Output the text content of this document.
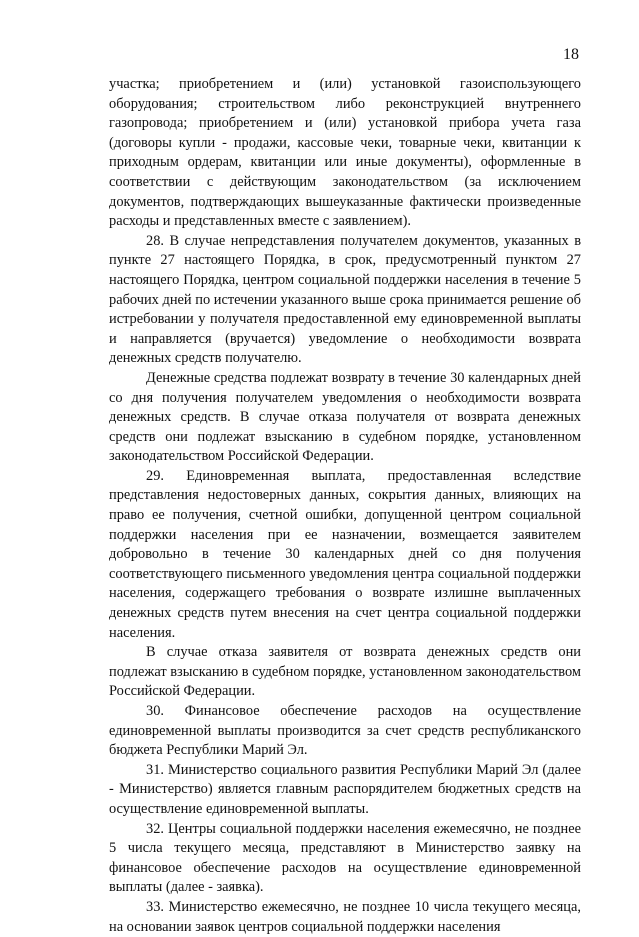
18

участка; приобретением и (или) установкой газоиспользующего оборудования; строительством либо реконструкцией внутреннего газопровода; приобретением и (или) установкой прибора учета газа (договоры купли - продажи, кассовые чеки, товарные чеки, квитанции к приходным ордерам, квитанции или иные документы), оформленные в соответствии с действующим законодательством (за исключением документов, подтверждающих вышеуказанные фактически произведенные расходы и представленных вместе с заявлением).

28. В случае непредставления получателем документов, указанных в пункте 27 настоящего Порядка, в срок, предусмотренный пунктом 27 настоящего Порядка, центром социальной поддержки населения в течение 5 рабочих дней по истечении указанного выше срока принимается решение об истребовании у получателя предоставленной ему единовременной выплаты и направляется (вручается) уведомление о необходимости возврата денежных средств получателю.

Денежные средства подлежат возврату в течение 30 календарных дней со дня получения получателем уведомления о необходимости возврата денежных средств. В случае отказа получателя от возврата денежных средств они подлежат взысканию в судебном порядке, установленном законодательством Российской Федерации.

29. Единовременная выплата, предоставленная вследствие представления недостоверных данных, сокрытия данных, влияющих на право ее получения, счетной ошибки, допущенной центром социальной поддержки населения при ее назначении, возмещается заявителем добровольно в течение 30 календарных дней со дня получения соответствующего письменного уведомления центра социальной поддержки населения, содержащего требования о возврате излишне выплаченных денежных средств путем внесения на счет центра социальной поддержки населения.

В случае отказа заявителя от возврата денежных средств они подлежат взысканию в судебном порядке, установленном законодательством Российской Федерации.

30. Финансовое обеспечение расходов на осуществление единовременной выплаты производится за счет средств республиканского бюджета Республики Марий Эл.

31. Министерство социального развития Республики Марий Эл (далее - Министерство) является главным распорядителем бюджетных средств на осуществление единовременной выплаты.

32. Центры социальной поддержки населения ежемесячно, не позднее 5 числа текущего месяца, представляют в Министерство заявку на финансовое обеспечение расходов на осуществление единовременной выплаты (далее - заявка).

33. Министерство ежемесячно, не позднее 10 числа текущего месяца, на основании заявок центров социальной поддержки населения
